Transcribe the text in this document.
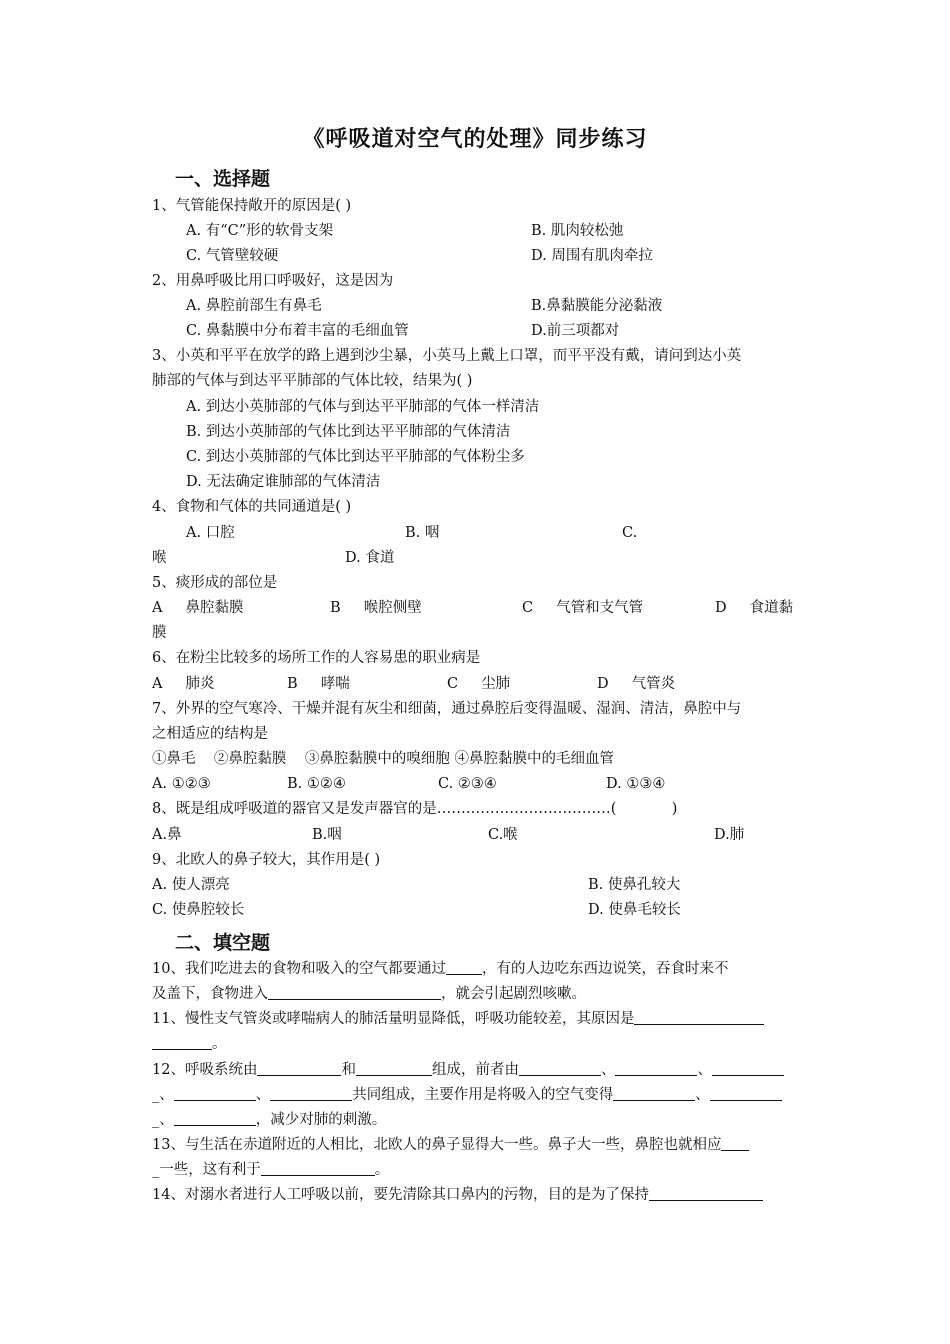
《呼吸道对空气的处理》同步练习
一、选择题
1、气管能保持敞开的原因是( )
A. 有“C”形的软骨支架	B. 肌肉较松弛
C. 气管壁较硬	D. 周围有肌肉牵拉
2、用鼻呼吸比用口呼吸好，这是因为
A. 鼻腔前部生有鼻毛	B.鼻黏膜能分泌黏液
C. 鼻黏膜中分布着丰富的毛细血管	D.前三项都对
3、小英和平平在放学的路上遇到沙尘暴，小英马上戴上口罩，而平平没有戴，请问到达小英
肺部的气体与到达平平肺部的气体比较，结果为( )
A. 到达小英肺部的气体与到达平平肺部的气体一样清洁
B. 到达小英肺部的气体比到达平平肺部的气体清洁
C. 到达小英肺部的气体比到达平平肺部的气体粉尘多
D. 无法确定谁肺部的气体清洁
4、食物和气体的共同通道是( )
A. 口腔	B. 咽	C.
喉	D. 食道
5、痰形成的部位是
A     鼻腔黏膜	B     喉腔侧壁	C     气管和支气管	D     食道黏
膜
6、在粉尘比较多的场所工作的人容易患的职业病是
A     肺炎	B     哮喘	C     尘肺	D     气管炎
7、外界的空气寒冷、干燥并混有灰尘和细菌，通过鼻腔后变得温暖、湿润、清洁，鼻腔中与
之相适应的结构是
①鼻毛    ②鼻腔黏膜    ③鼻腔黏膜中的嗅细胞 ④鼻腔黏膜中的毛细血管
A. ①②③	B. ①②④	C. ②③④	D. ①③④
8、既是组成呼吸道的器官又是发声器官的是………………………………(            )
A.鼻	B.咽	C.喉	D.肺
9、北欧人的鼻子较大，其作用是( )
A. 使人漂亮	B. 使鼻孔较大
C. 使鼻腔较长	D. 使鼻毛较长
二、填空题
10、我们吃进去的食物和吸入的空气都要通过 ，有的人边吃东西边说笑，吞食时来不
及盖下，食物进入	，就会引起剧烈咳嗽。
11、慢性支气管炎或哮喘病人的肺活量明显降低，呼吸功能较差，其原因是
。
12、呼吸系统由	和	组成，前者由	、	、
_、	、	共同组成，主要作用是将吸入的空气变得	、
_、	，减少对肺的刺激。
13、与生活在赤道附近的人相比，北欧人的鼻子显得大一些。鼻子大一些，鼻腔也就相应
_一些，这有利于	。
14、对溺水者进行人工呼吸以前，要先清除其口鼻内的污物，目的是为了保持
